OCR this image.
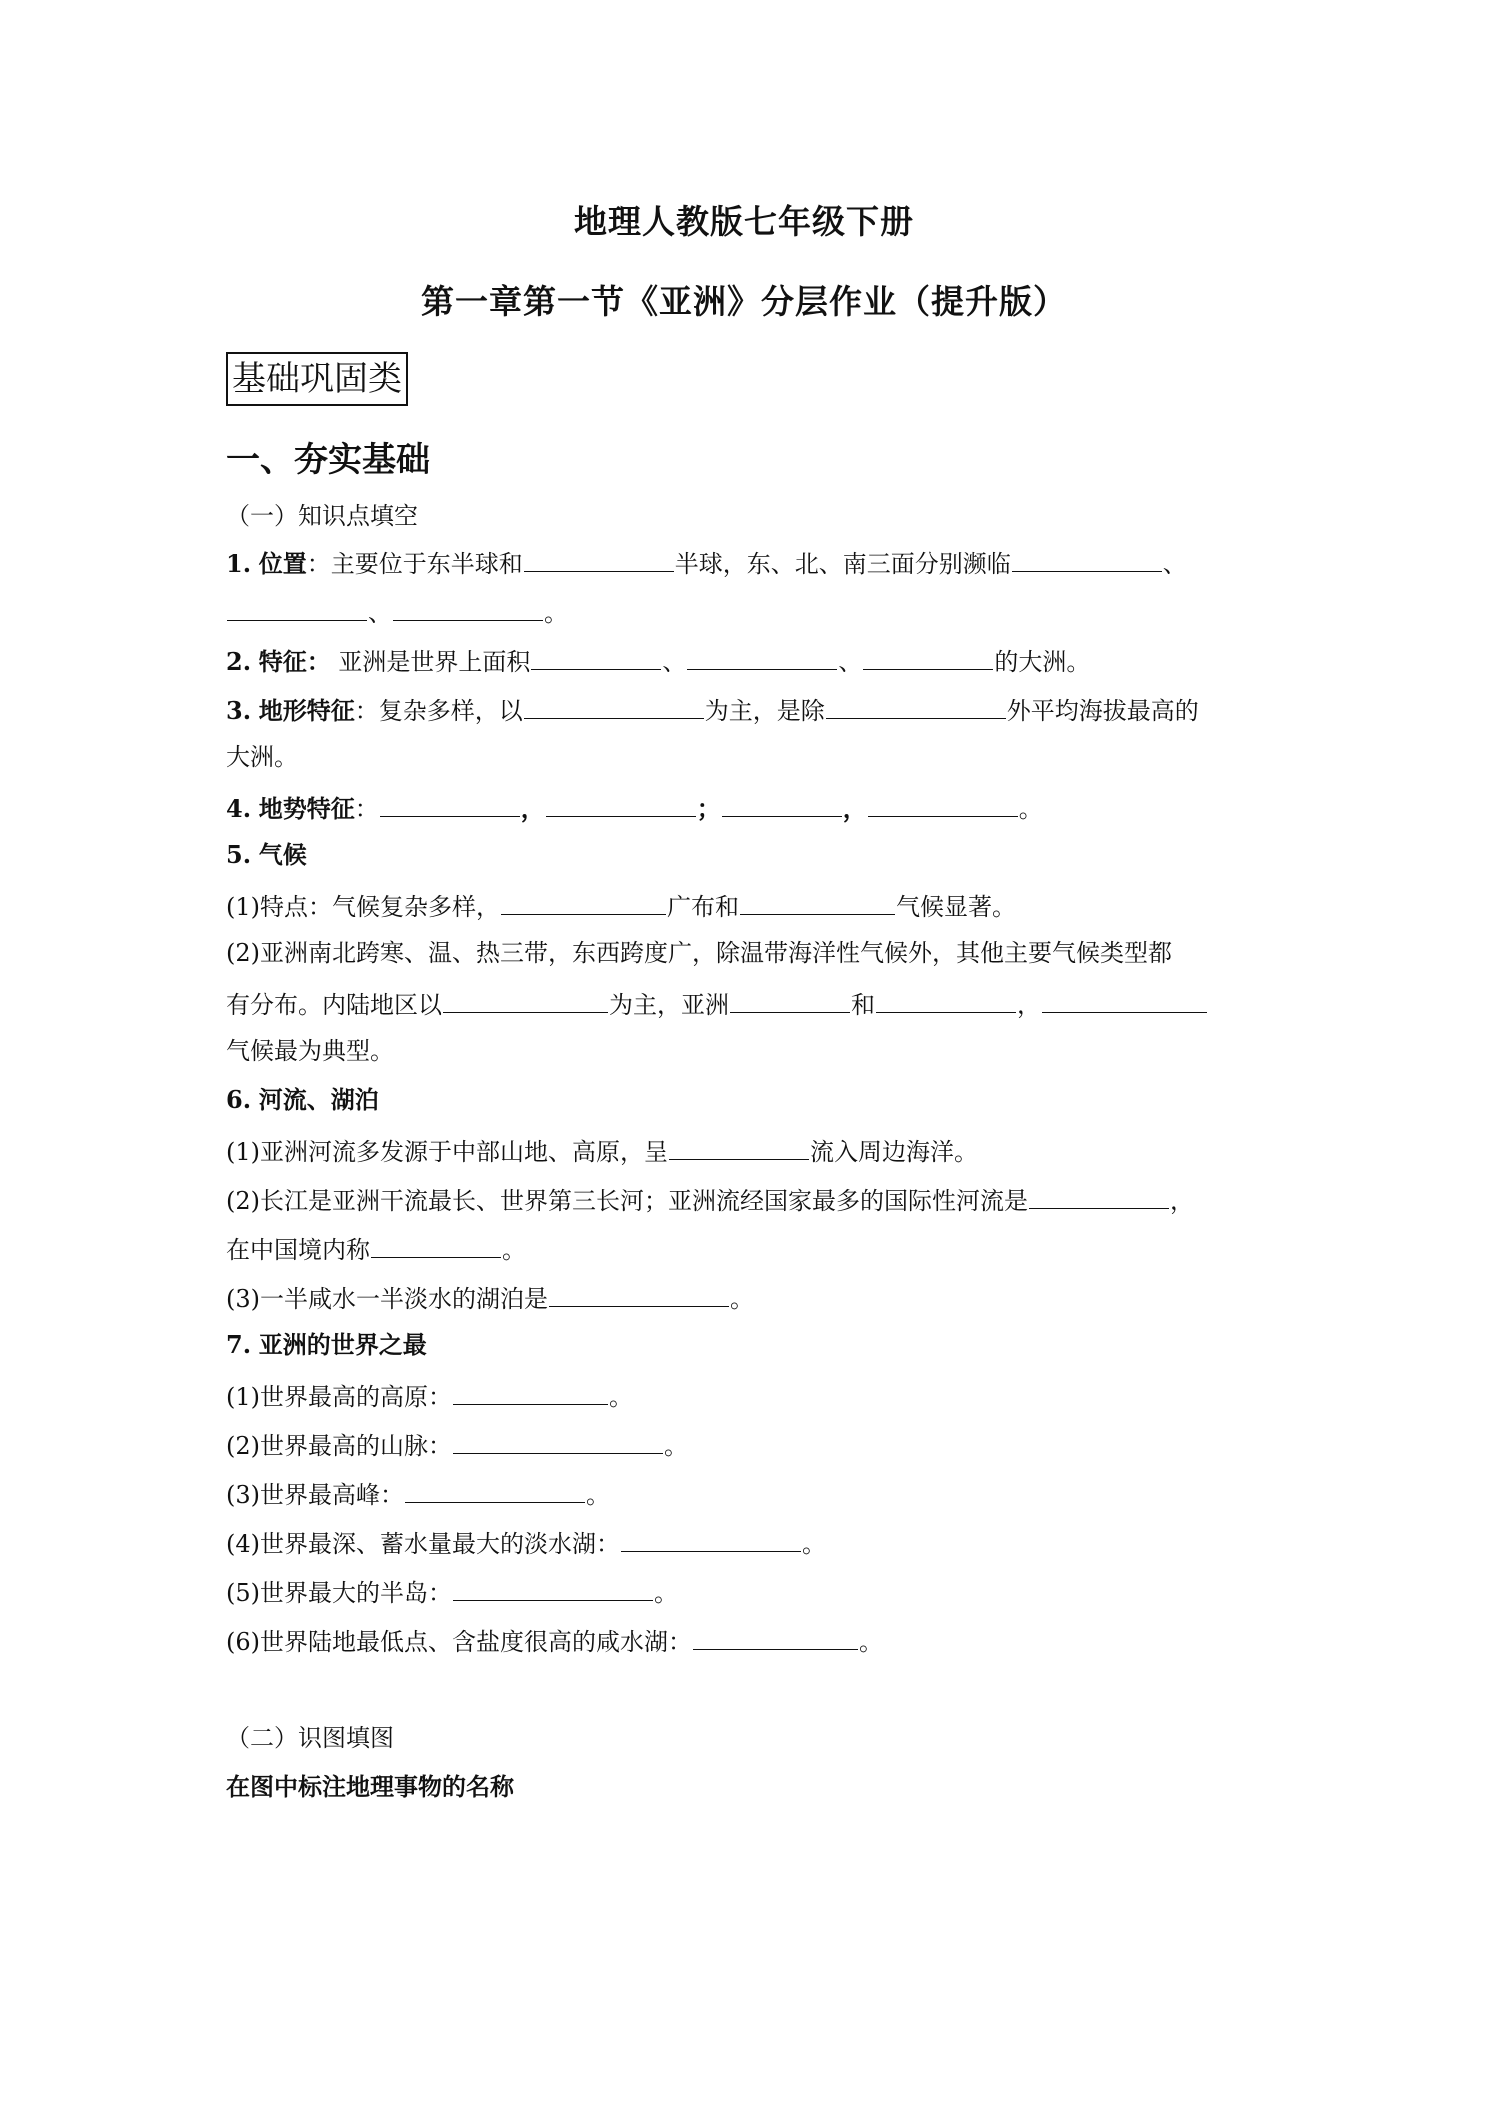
地理人教版七年级下册
第一章第一节《亚洲》分层作业（提升版）
基础巩固类
一、夯实基础
（一）知识点填空
1. 位置：主要位于东半球和	半球，东、北、南三面分别濒临	、
、	。
2. 特征： 亚洲是世界上面积	、	、	的大洲。
3. 地形特征：复杂多样，以	为主，是除	外平均海拔最高的
大洲。
4. 地势特征：	，	；	，	。
5. 气候
(1)特点：气候复杂多样，	广布和	气候显著。
(2)亚洲南北跨寒、温、热三带，东西跨度广，除温带海洋性气候外，其他主要气候类型都
有分布。内陆地区以	为主，亚洲	和	，
气候最为典型。
6. 河流、湖泊
(1)亚洲河流多发源于中部山地、高原，呈	流入周边海洋。
(2)长江是亚洲干流最长、世界第三长河；亚洲流经国家最多的国际性河流是	，
在中国境内称	。
(3)一半咸水一半淡水的湖泊是	。
7. 亚洲的世界之最
(1)世界最高的高原：	。
(2)世界最高的山脉：	。
(3)世界最高峰：	。
(4)世界最深、蓄水量最大的淡水湖：	。
(5)世界最大的半岛：	。
(6)世界陆地最低点、含盐度很高的咸水湖：	。
（二）识图填图
在图中标注地理事物的名称
